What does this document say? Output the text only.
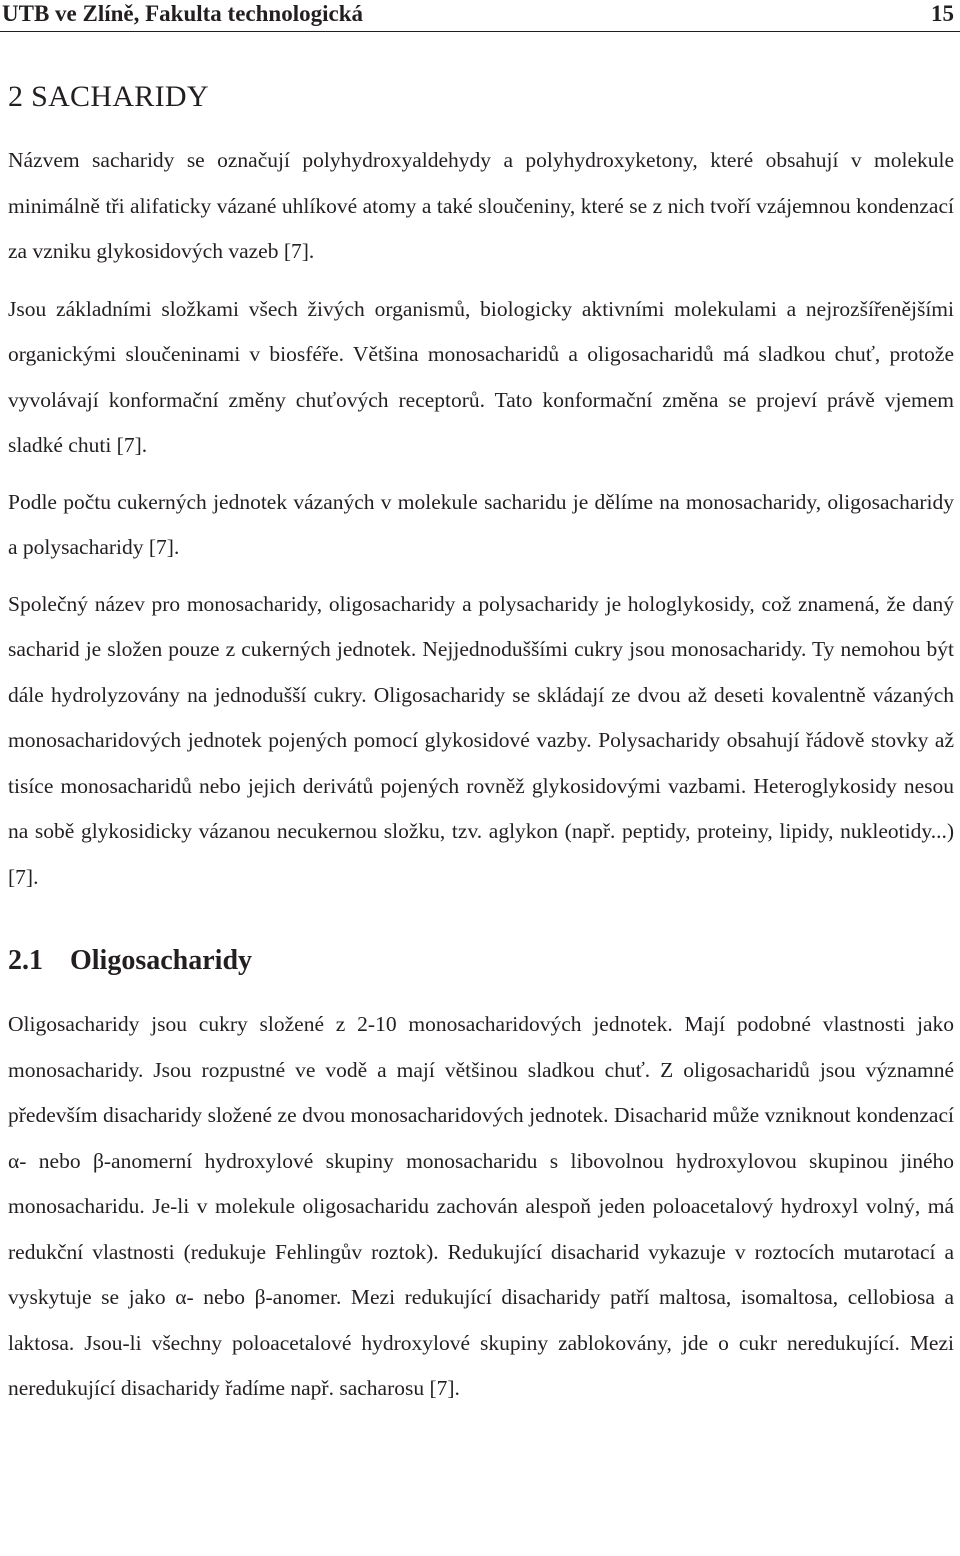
UTB ve Zlíně, Fakulta technologická	15
2 SACHARIDY

Názvem sacharidy se označují polyhydroxyaldehydy a polyhydroxyketony, které obsahují v molekule minimálně tři alifaticky vázané uhlíkové atomy a také sloučeniny, které se z nich tvoří vzájemnou kondenzací za vzniku glykosidových vazeb [7].

Jsou základními složkami všech živých organismů, biologicky aktivními molekulami a nejrozšířenějšími organickými sloučeninami v biosféře. Většina monosacharidů a oligosacharidů má sladkou chuť, protože vyvolávají konformační změny chuťových receptorů. Tato konformační změna se projeví právě vjemem sladké chuti [7].

Podle počtu cukerných jednotek vázaných v molekule sacharidu je dělíme na monosacharidy, oligosacharidy a polysacharidy [7].

Společný název pro monosacharidy, oligosacharidy a polysacharidy je hologlykosidy, což znamená, že daný sacharid je složen pouze z cukerných jednotek. Nejjednoduššími cukry jsou monosacharidy. Ty nemohou být dále hydrolyzovány na jednodušší cukry. Oligosacharidy se skládají ze dvou až deseti kovalentně vázaných monosacharidových jednotek pojených pomocí glykosidové vazby. Polysacharidy obsahují řádově stovky až tisíce monosacharidů nebo jejich derivátů pojených rovněž glykosidovými vazbami. Heteroglykosidy nesou na sobě glykosidicky vázanou necukernou složku, tzv. aglykon (např. peptidy, proteiny, lipidy, nukleotidy...) [7].

2.1 Oligosacharidy

Oligosacharidy jsou cukry složené z 2-10 monosacharidových jednotek. Mají podobné vlastnosti jako monosacharidy. Jsou rozpustné ve vodě a mají většinou sladkou chuť. Z oligosacharidů jsou významné především disacharidy složené ze dvou monosacharidových jednotek. Disacharid může vzniknout kondenzací α- nebo β-anomerní hydroxylové skupiny monosacharidu s libovolnou hydroxylovou skupinou jiného monosacharidu. Je-li v molekule oligosacharidu zachován alespoň jeden poloacetalový hydroxyl volný, má redukční vlastnosti (redukuje Fehlingův roztok). Redukující disacharid vykazuje v roztocích mutarotací a vyskytuje se jako α- nebo β-anomer. Mezi redukující disacharidy patří maltosa, isomaltosa, cellobiosa a laktosa. Jsou-li všechny poloacetalové hydroxylové skupiny zablokovány, jde o cukr neredukující. Mezi neredukující disacharidy řadíme např. sacharosu [7].
